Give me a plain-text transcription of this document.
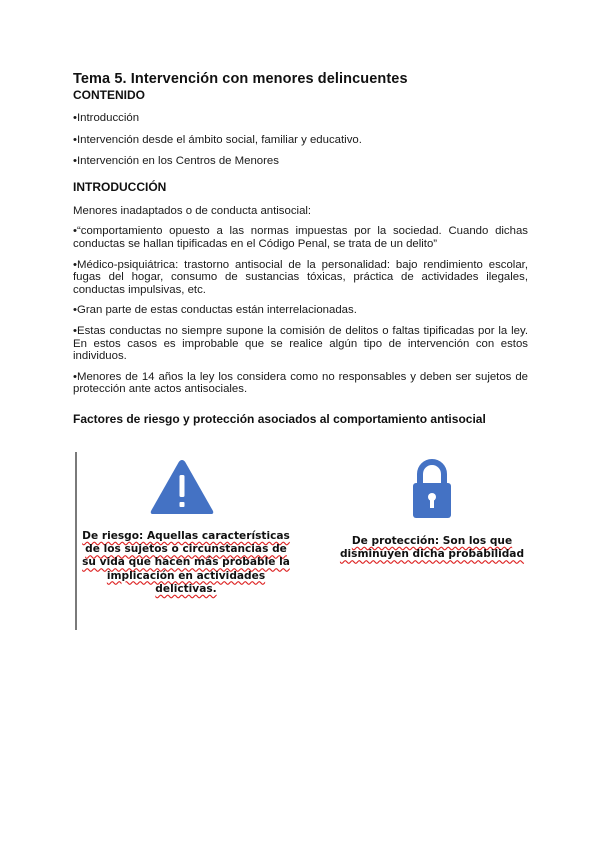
Tema 5. Intervención con menores delincuentes

CONTENIDO

•Introducción

•Intervención desde el ámbito social, familiar y educativo.

•Intervención en los Centros de Menores

INTRODUCCIÓN

Menores inadaptados o de conducta antisocial:

•“comportamiento opuesto a las normas impuestas por la sociedad. Cuando dichas conductas se hallan tipificadas en el Código Penal, se trata de un delito”

•Médico-psiquiátrica: trastorno antisocial de la personalidad: bajo rendimiento escolar, fugas del hogar, consumo de sustancias tóxicas, práctica de actividades ilegales, conductas impulsivas, etc.

•Gran parte de estas conductas están interrelacionadas.

•Estas conductas no siempre supone la comisión de delitos o faltas tipificadas por la ley. En estos casos es improbable que se realice algún tipo de intervención con estos individuos.

•Menores de 14 años la ley los considera como no responsables y deben ser sujetos de protección ante actos antisociales.

Factores de riesgo y protección asociados al comportamiento antisocial

De riesgo: Aquellas características de los sujetos o circunstancias de su vida que hacen más probable la implicación en actividades delictivas.
De protección: Son los que disminuyen dicha probabilidad
